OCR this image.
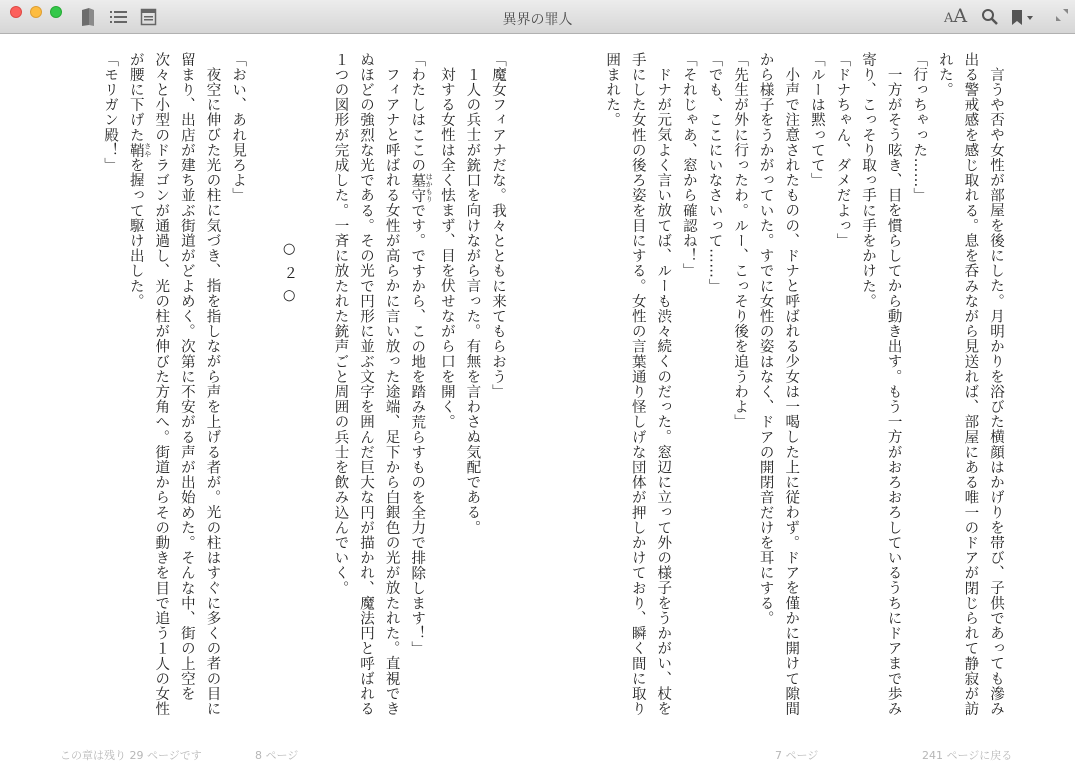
異界の罪人	AA

言うや否や女性が部屋を後にした。月明かりを浴びた横顔はかげりを帯び、子供であっても滲み出る警戒感を感じ取れる。息を呑みながら見送れば、部屋にある唯一のドアが閉じられて静寂が訪れた。

「行っちゃった……」

一方がそう呟き、目を慣らしてから動き出す。もう一方がおろおろしているうちにドアまで歩み寄り、こっそり取っ手に手をかけた。

「ドナちゃん、ダメだよっ」

「ルーは黙ってて」

小声で注意されたものの、ドナと呼ばれる少女は一喝した上に従わず。ドアを僅かに開けて隙間から様子をうかがっていた。すでに女性の姿はなく、ドアの開閉音だけを耳にする。

「先生が外に行ったわ。ルー、こっそり後を追うわよ」

「でも、ここにいなさいって……」

「それじゃあ、窓から確認ね！」

ドナが元気よく言い放てば、ルーも渋々続くのだった。窓辺に立って外の様子をうかがい、杖を手にした女性の後ろ姿を目にする。女性の言葉通り怪しげな団体が押しかけており、瞬く間に取り囲まれた。

「魔女フィアナだな。我々とともに来てもらおう」

１人の兵士が銃口を向けながら言った。有無を言わさぬ気配である。

対する女性は全く怯まず、目を伏せながら口を開く。

「わたしはここの墓守 はかもりです。ですから、この地を踏み荒らすものを全力で排除します！」

フィアナと呼ばれる女性が高らかに言い放った途端、足下から白銀色の光が放たれた。直視できぬほどの強烈な光である。その光で円形に並ぶ文字を囲んだ巨大な円が描かれ、魔法円と呼ばれる１つの図形が完成した。一斉に放たれた銃声ごと周囲の兵士を飲み込んでいく。

○２○

「おい、あれ見ろよ」

夜空に伸びた光の柱に気づき、指を指しながら声を上げる者が。光の柱はすぐに多くの者の目に留まり、出店が建ち並ぶ街道がどよめく。次第に不安がる声が出始めた。そんな中、街の上空を次々と小型のドラゴンが通過し、光の柱が伸びた方角へ。街道からその動きを目で追う１人の女性が腰に下げた鞘 さやを握って駆け出した。

「モリガン殿！」

この章は残り 29 ページです	8 ページ	7 ページ	241 ページに戻る
